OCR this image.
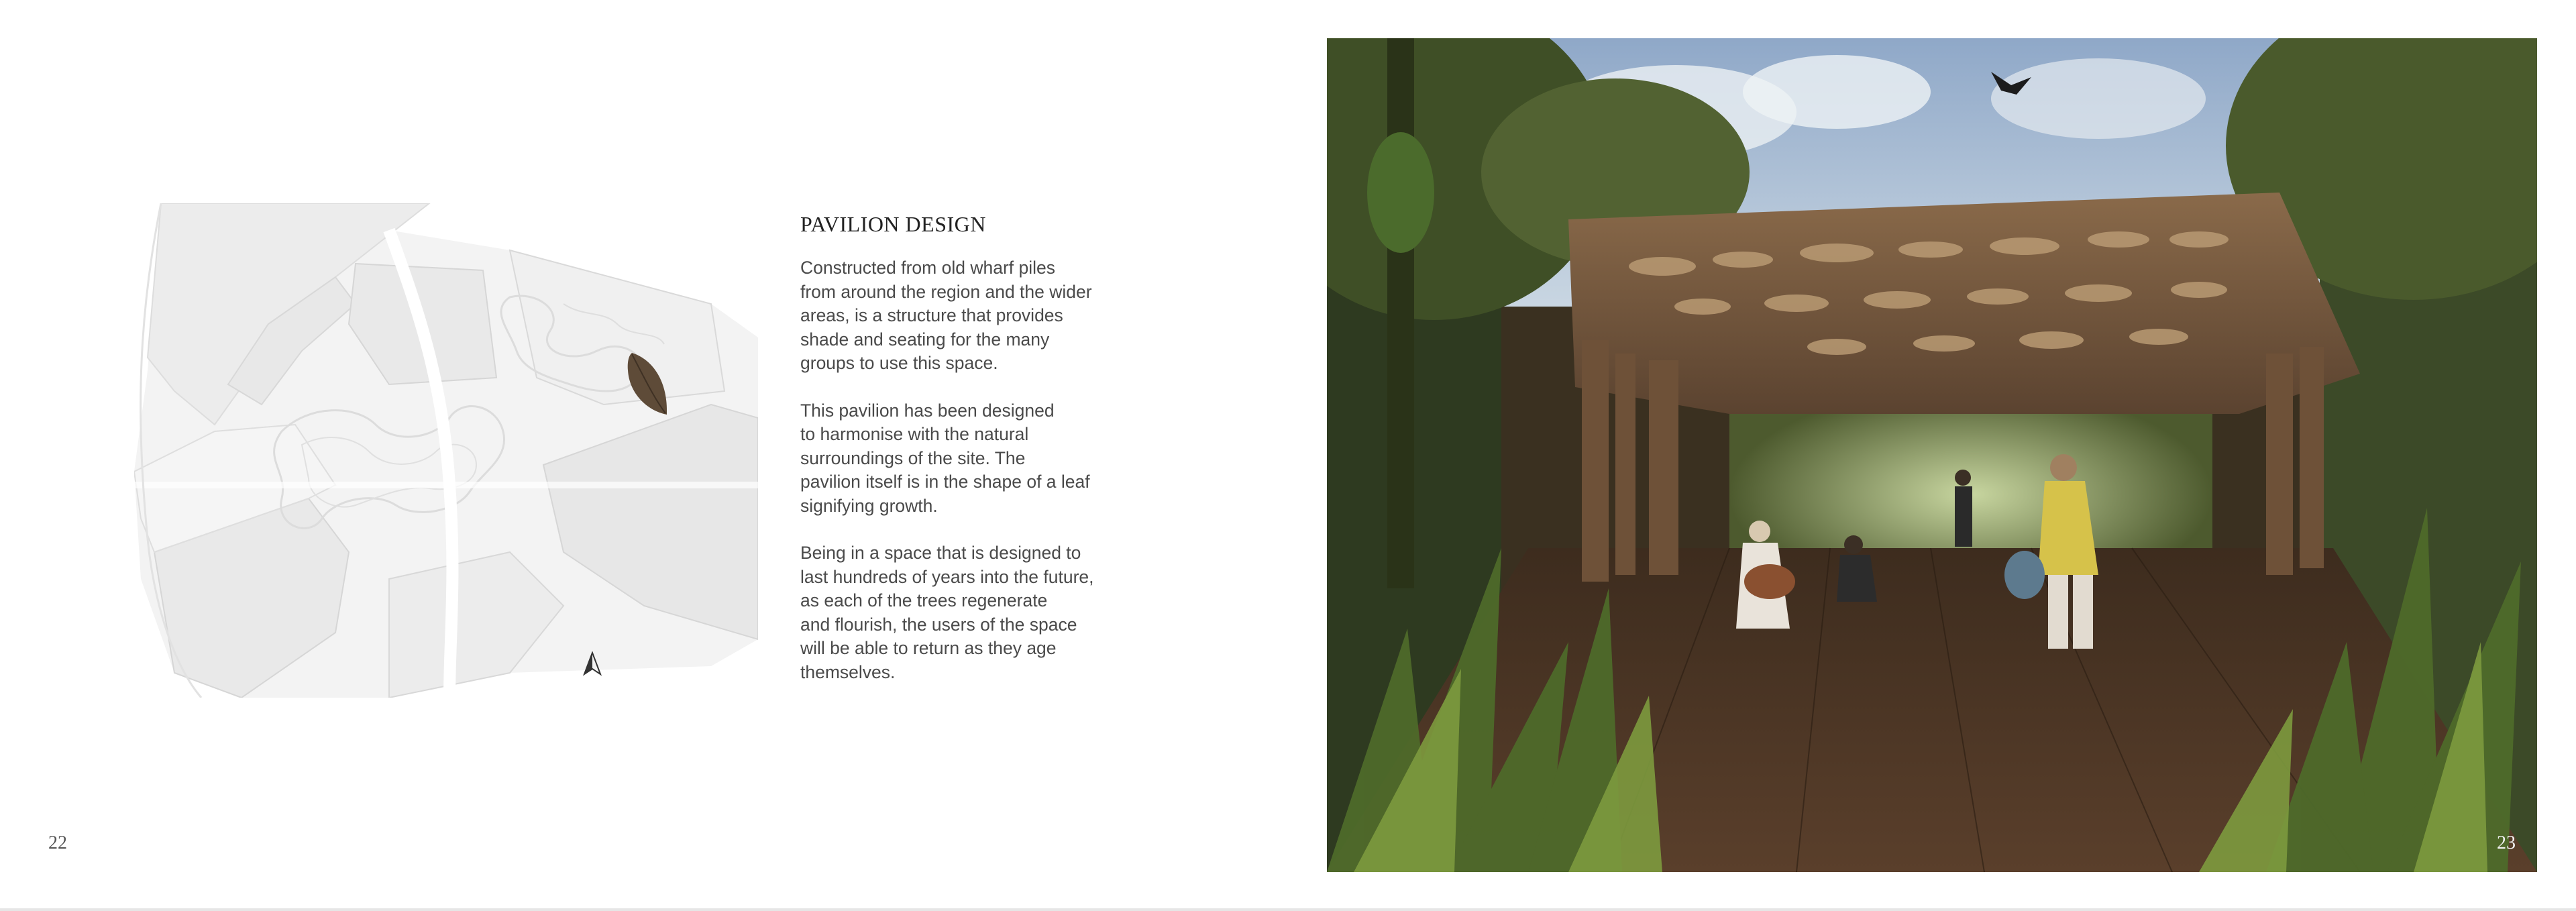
PAVILION DESIGN

Constructed from old wharf piles
from around the region and the wider
areas, is a structure that provides
shade and seating for the many
groups to use this space.

This pavilion has been designed
to harmonise with the natural
surroundings of the site. The
pavilion itself is in the shape of a leaf
signifying growth.

Being in a space that is designed to
last hundreds of years into the future,
as each of the trees regenerate
and flourish, the users of the space
will be able to return as they age
themselves.

22	23
